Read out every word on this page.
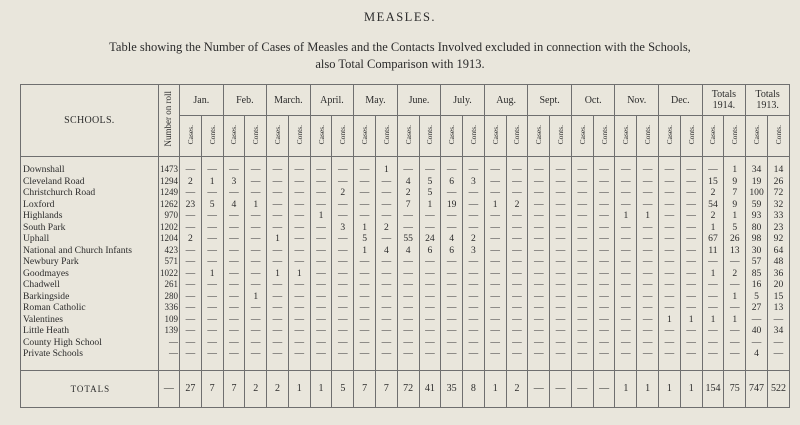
MEASLES.
Table showing the Number of Cases of Measles and the Contacts Involved excluded in connection with the Schools,
also Total Comparison with 1913.
SCHOOLS.	Number on roll	Jan.		Feb.		March.		April.		May.		June.		July.		Aug.		Sept.		Oct.		Nov.		Dec.		Totals 1914.		Totals 1913.	
		Cases.	Conts.	Cases.	Conts.	Cases.	Conts.	Cases.	Conts.	Cases.	Conts.	Cases.	Conts.	Cases.	Conts.	Cases.	Conts.	Cases.	Conts.	Cases.	Conts.	Cases.	Conts.	Cases.	Conts.	Cases.	Conts.	Cases.	Conts.
Downshall	1473	—	—	—	—	—	—	—	—	—	1	—	—	—	—	—	—	—	—	—	—	—	—	—	—	—	1	34	14
Cleveland Road	1294	2	1	3	—	—	—	—	—	—	—	4	5	6	3	—	—	—	—	—	—	—	—	—	—	15	9	19	26
Christchurch Road	1249	—	—	—	—	—	—	—	2	—	—	2	5	—	—	—	—	—	—	—	—	—	—	—	—	2	7	100	72
Loxford	1262	23	5	4	1	—	—	—	—	—	—	7	1	19	—	1	2	—	—	—	—	—	—	—	—	54	9	59	32
Highlands	970	—	—	—	—	—	—	1	—	—	—	—	—	—	—	—	—	—	—	—	—	1	1	—	—	2	1	93	33
South Park	1202	—	—	—	—	—	—	—	3	1	2	—	—	—	—	—	—	—	—	—	—	—	—	—	—	1	5	80	23
Uphall	1204	2	—	—	—	1	—	—	—	5	—	55	24	4	2	—	—	—	—	—	—	—	—	—	—	67	26	98	92
National and Church Infants	423	—	—	—	—	—	—	—	—	1	4	4	6	6	3	—	—	—	—	—	—	—	—	—	—	11	13	30	64
Newbury Park	571	—	—	—	—	—	—	—	—	—	—	—	—	—	—	—	—	—	—	—	—	—	—	—	—	—	—	57	48
Goodmayes	1022	—	1	—	—	1	1	—	—	—	—	—	—	—	—	—	—	—	—	—	—	—	—	—	—	1	2	85	36
Chadwell	261	—	—	—	—	—	—	—	—	—	—	—	—	—	—	—	—	—	—	—	—	—	—	—	—	—	—	16	20
Barkingside	280	—	—	—	1	—	—	—	—	—	—	—	—	—	—	—	—	—	—	—	—	—	—	—	—	—	1	5	15
Roman Catholic	336	—	—	—	—	—	—	—	—	—	—	—	—	—	—	—	—	—	—	—	—	—	—	—	—	—	—	27	13
Valentines	109	—	—	—	—	—	—	—	—	—	—	—	—	—	—	—	—	—	—	—	—	—	—	1	1	1	1	—	—
Little Heath	139	—	—	—	—	—	—	—	—	—	—	—	—	—	—	—	—	—	—	—	—	—	—	—	—	—	—	40	34
County High School	—	—	—	—	—	—	—	—	—	—	—	—	—	—	—	—	—	—	—	—	—	—	—	—	—	—	—	—	—
Private Schools	—	—	—	—	—	—	—	—	—	—	—	—	—	—	—	—	—	—	—	—	—	—	—	—	—	—	—	4	—
TOTALS	—	27	7	7	2	2	1	1	5	7	7	72	41	35	8	1	2	—	—	—	—	1	1	1	1	154	75	747	522
